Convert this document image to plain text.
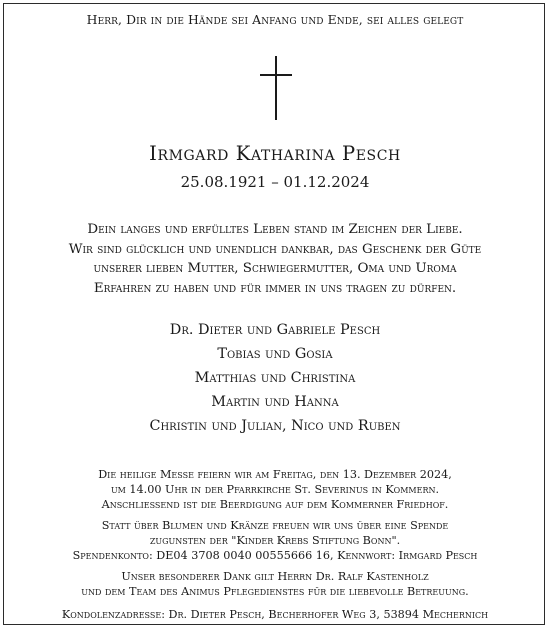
Herr, Dir in die Hände sei Anfang und Ende, sei alles gelegt
Irmgard Katharina Pesch
25.08.1921 – 01.12.2024
Dein langes und erfülltes Leben stand im Zeichen der Liebe.
Wir sind glücklich und unendlich dankbar, das Geschenk der Güte
unserer lieben Mutter, Schwiegermutter, Oma und Uroma
Erfahren zu haben und für immer in uns tragen zu dürfen.
Dr. Dieter und Gabriele Pesch
Tobias und Gosia
Matthias und Christina
Martin und Hanna
Christin und Julian, Nico und Ruben
Die heilige Messe feiern wir am Freitag, den 13. Dezember 2024,
um 14.00 Uhr in der Pfarrkirche St. Severinus in Kommern.
Anschliessend ist die Beerdigung auf dem Kommerner Friedhof.
Statt über Blumen und Kränze freuen wir uns über eine Spende
zugunsten der "Kinder Krebs Stiftung Bonn".
Spendenkonto: DE04 3708 0040 00555666 16, Kennwort: Irmgard Pesch
Unser besonderer Dank gilt Herrn Dr. Ralf Kastenholz
und dem Team des Animus Pflegedienstes für die liebevolle Betreuung.
Kondolenzadresse: Dr. Dieter Pesch, Becherhofer Weg 3, 53894 Mechernich
